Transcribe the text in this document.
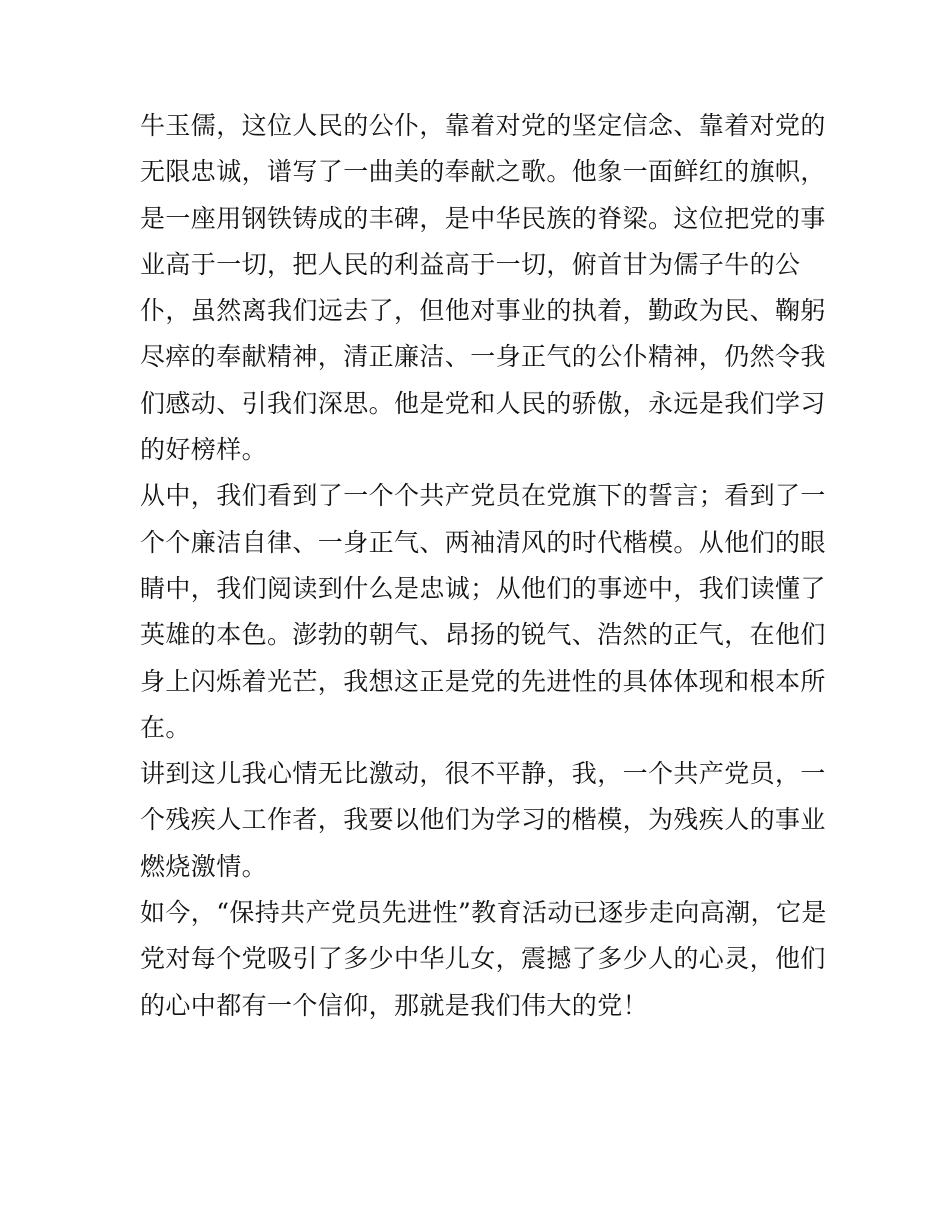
牛玉儒，这位人民的公仆，靠着对党的坚定信念、靠着对党的
无限忠诚，谱写了一曲美的奉献之歌。他象一面鲜红的旗帜，
是一座用钢铁铸成的丰碑，是中华民族的脊梁。这位把党的事
业高于一切，把人民的利益高于一切，俯首甘为儒子牛的公
仆，虽然离我们远去了，但他对事业的执着，勤政为民、鞠躬
尽瘁的奉献精神，清正廉洁、一身正气的公仆精神，仍然令我
们感动、引我们深思。他是党和人民的骄傲，永远是我们学习
的好榜样。
从中，我们看到了一个个共产党员在党旗下的誓言；看到了一
个个廉洁自律、一身正气、两袖清风的时代楷模。从他们的眼
睛中，我们阅读到什么是忠诚；从他们的事迹中，我们读懂了
英雄的本色。澎勃的朝气、昂扬的锐气、浩然的正气，在他们
身上闪烁着光芒，我想这正是党的先进性的具体体现和根本所
在。
讲到这儿我心情无比激动，很不平静，我，一个共产党员，一
个残疾人工作者，我要以他们为学习的楷模，为残疾人的事业
燃烧激情。
如今，“保持共产党员先进性”教育活动已逐步走向高潮，它是
党对每个党吸引了多少中华儿女，震撼了多少人的心灵，他们
的心中都有一个信仰，那就是我们伟大的党！
